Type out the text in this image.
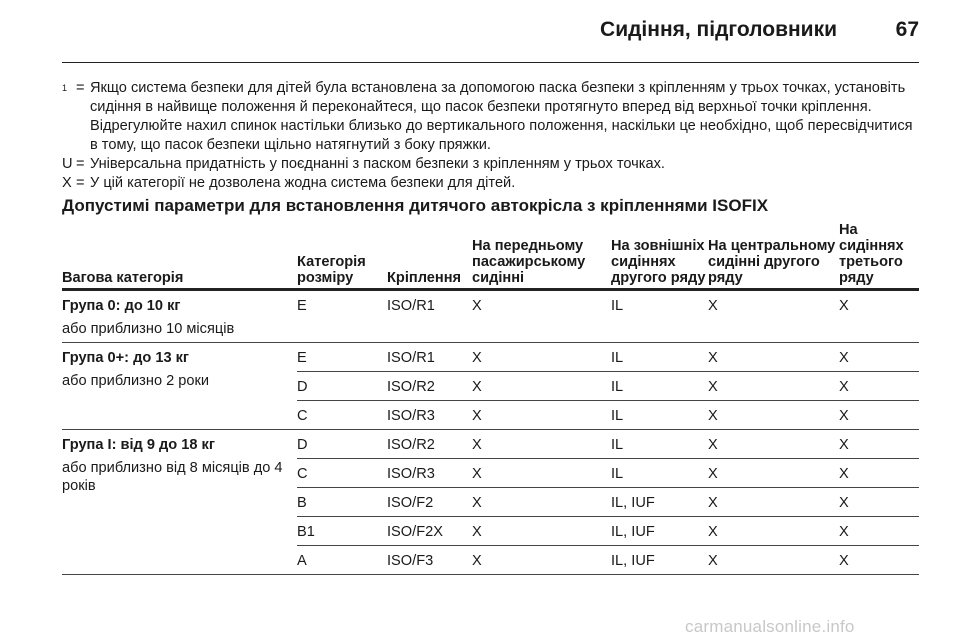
Сидіння, підголовники	67
$^1$ = Якщо система безпеки для дітей була встановлена за допомогою паска безпеки з кріпленням у трьох точках, установіть сидіння в найвище положення й переконайтеся, що пасок безпеки протягнуто вперед від верхньої точки кріплення. Відрегулюйте нахил спинок настільки близько до вертикального положення, наскільки це необхідно, щоб пересвідчитися в тому, що пасок безпеки щільно натягнутий з боку пряжки.
U = Універсальна придатність у поєднанні з паском безпеки з кріпленням у трьох точках.
X = У цій категорії не дозволена жодна система безпеки для дітей.
Допустимі параметри для встановлення дитячого автокрісла з кріпленнями ISOFIX
Вагова категорія	Категорія розміру	Кріплення	На передньому пасажирському сидінні	На зовнішніх сидіннях другого ряду	На центральному сидінні другого ряду	На сидіннях третього ряду
Група 0: до 10 кг
або приблизно 10 місяців	E	ISO/R1	X	IL	X	X
Група 0+: до 13 кг
або приблизно 2 роки	E	ISO/R1	X	IL	X	X
	D	ISO/R2	X	IL	X	X
	C	ISO/R3	X	IL	X	X
Група I: від 9 до 18 кг
або приблизно від 8 місяців до 4 років	D	ISO/R2	X	IL	X	X
	C	ISO/R3	X	IL	X	X
	B	ISO/F2	X	IL, IUF	X	X
	B1	ISO/F2X	X	IL, IUF	X	X
	A	ISO/F3	X	IL, IUF	X	X
carmanualsonline.info
